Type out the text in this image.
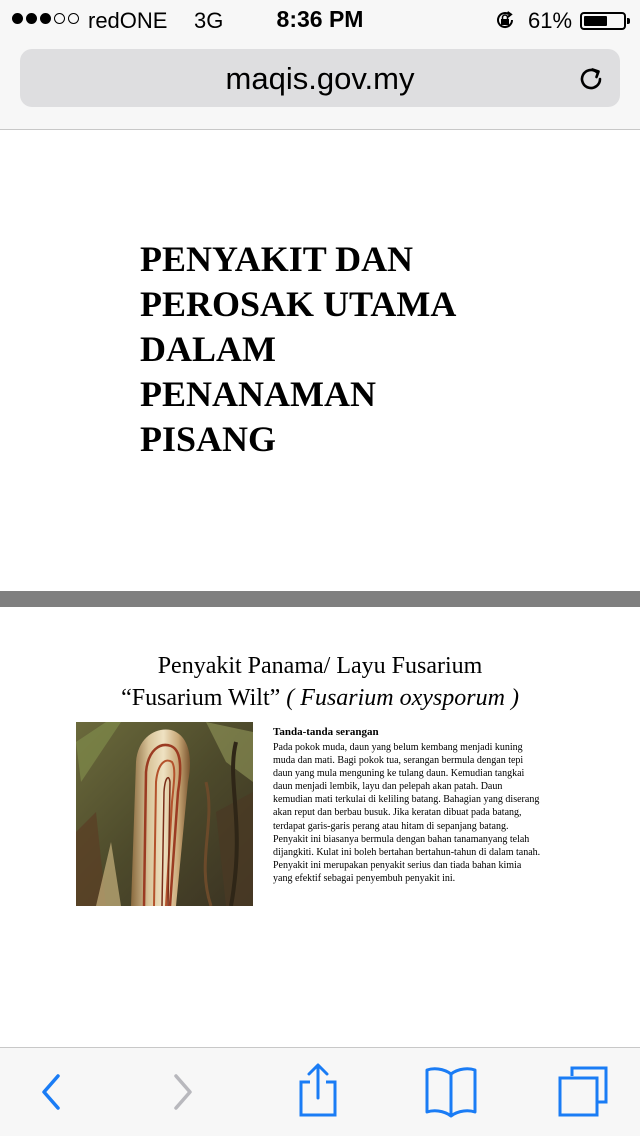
redONE 3G	8:36 PM	61%
maqis.gov.my
PENYAKIT DAN
PEROSAK UTAMA
DALAM
PENANAMAN
PISANG
Penyakit Panama/ Layu Fusarium
“Fusarium Wilt” ( Fusarium oxysporum )
Tanda-tanda serangan
Pada pokok muda, daun yang belum kembang menjadi kuning
muda dan mati. Bagi pokok tua, serangan bermula dengan tepi
daun yang mula menguning ke tulang daun. Kemudian tangkai
daun menjadi lembik, layu dan pelepah akan patah. Daun
kemudian mati terkulai di keliling batang. Bahagian yang diserang
akan reput dan berbau busuk. Jika keratan dibuat pada batang,
terdapat garis-garis perang atau hitam di sepanjang batang.
Penyakit ini biasanya bermula dengan bahan tanamanyang telah
dijangkiti. Kulat ini boleh bertahan bertahun-tahun di dalam tanah.
Penyakit ini merupakan penyakit serius dan tiada bahan kimia
yang efektif sebagai penyembuh penyakit ini.
